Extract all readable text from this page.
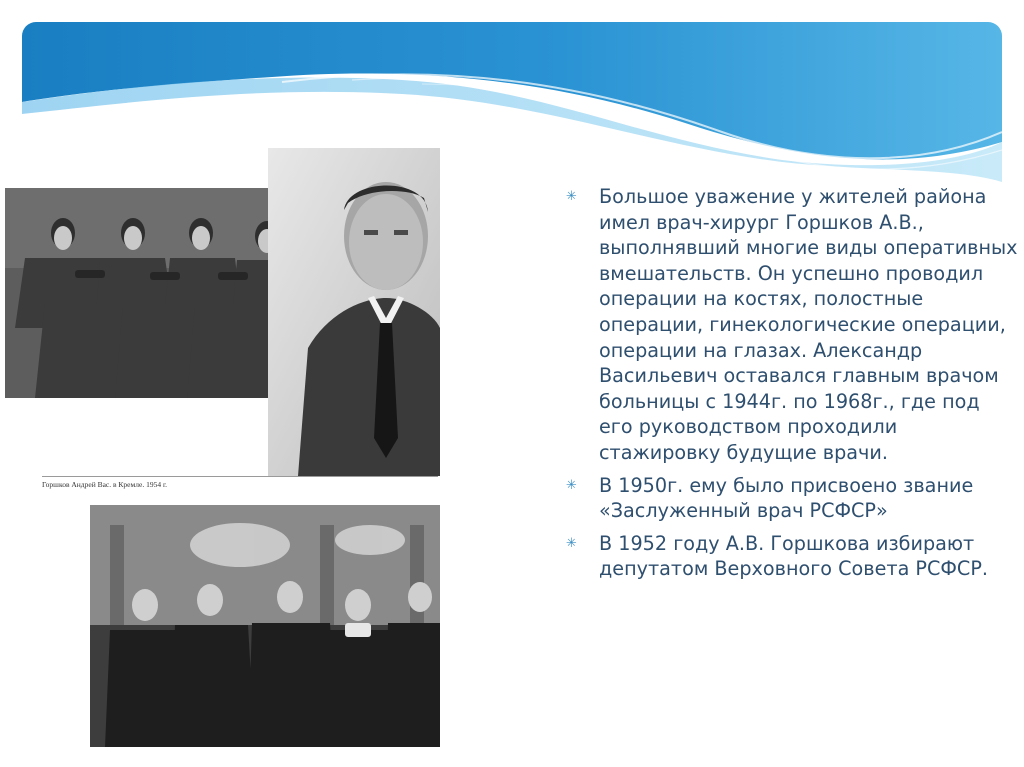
Горшков Андрей Вас. в Кремле. 1954 г.
✳ Большое уважение у жителей района имел врач-хирург Горшков А.В., выполнявший многие виды оперативных вмешательств. Он успешно проводил операции на костях, полостные операции, гинекологические операции, операции на глазах. Александр Васильевич оставался главным врачом больницы с 1944г. по 1968г., где под его руководством проходили стажировку будущие врачи.
✳ В 1950г. ему было присвоено звание «Заслуженный врач РСФСР»
✳ В 1952 году А.В. Горшкова избирают депутатом Верховного Совета РСФСР.
